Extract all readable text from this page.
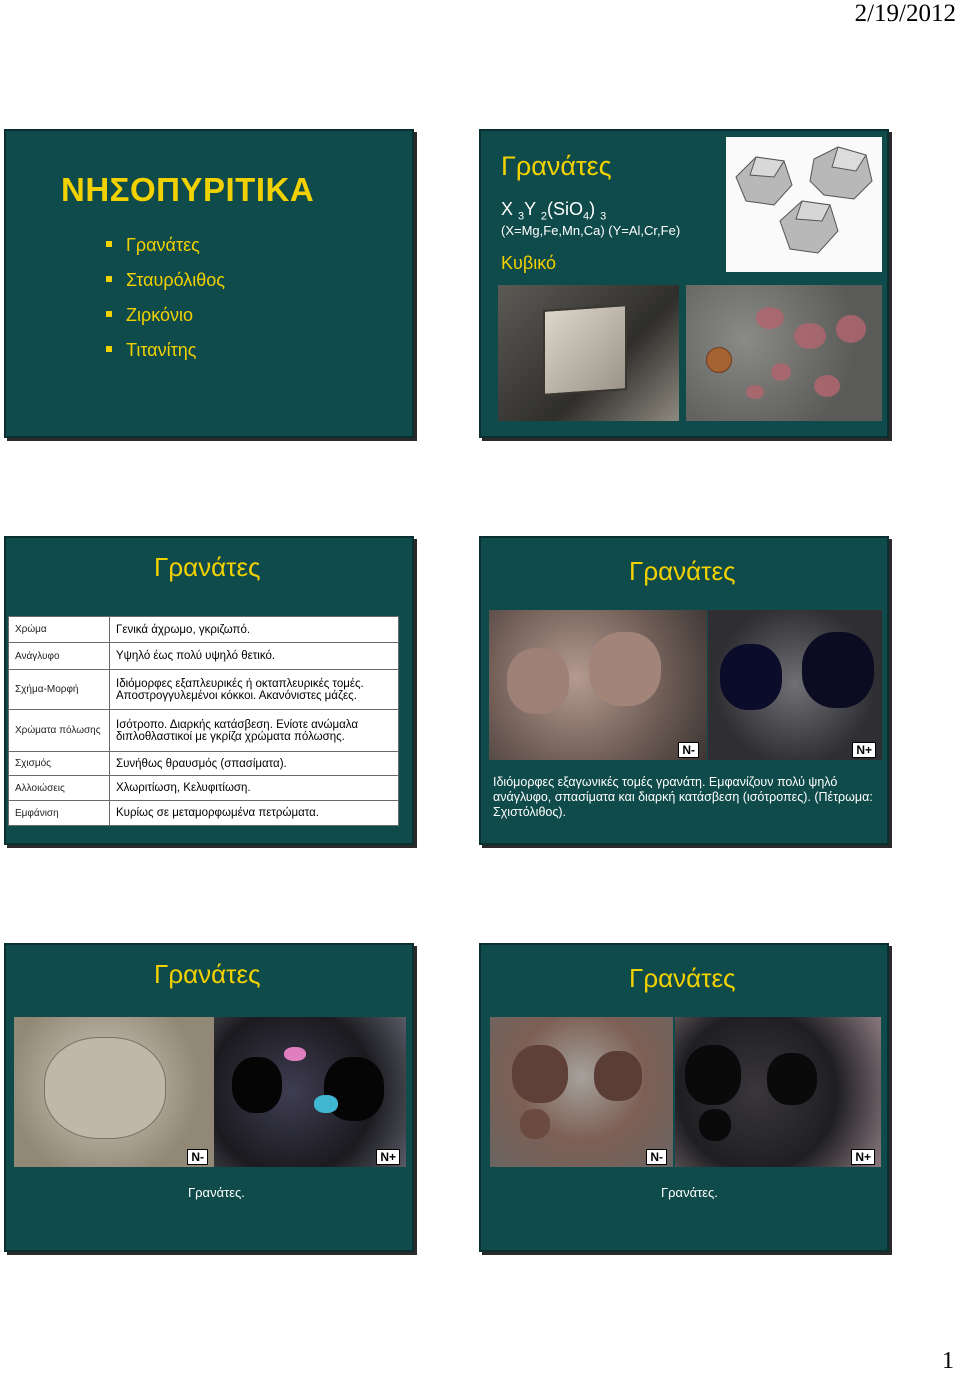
2/19/2012
ΝΗΣΟΠΥΡΙΤΙΚΑ
Γρανάτες
Σταυρόλιθος
Ζιρκόνιο
Τιτανίτης
Γρανάτες
X $_3$Y $_2$(SiO$_4$) $_3$
(X=Mg,Fe,Mn,Ca) (Y=Al,Cr,Fe)
Κυβικό
Γρανάτες
Χρώμα	Γενικά άχρωμο, γκριζωπό.
Ανάγλυφο	Υψηλό έως πολύ υψηλό θετικό.
Σχήμα-Μορφή	Ιδιόμορφες εξαπλευρικές ή οκταπλευρικές τομές. Αποστρογγυλεμένοι κόκκοι. Ακανόνιστες μάζες.
Χρώματα πόλωσης	Ισότροπο. Διαρκής κατάσβεση. Ενίοτε ανώμαλα διπλοθλαστικοί με γκρίζα χρώματα πόλωσης.
Σχισμός	Συνήθως θραυσμός (σπασίματα).
Αλλοιώσεις	Χλωριτίωση, Κελυφιτίωση.
Εμφάνιση	Κυρίως σε μεταμορφωμένα πετρώματα.
Γρανάτες
N-	N+
Ιδιόμορφες εξαγωνικές τομές γρανάτη. Εμφανίζουν πολύ ψηλό ανάγλυφο, σπασίματα και διαρκή κατάσβεση (ισότροπες). (Πέτρωμα: Σχιστόλιθος).
Γρανάτες
N-	N+
Γρανάτες.
Γρανάτες
N-	N+
Γρανάτες.
1
